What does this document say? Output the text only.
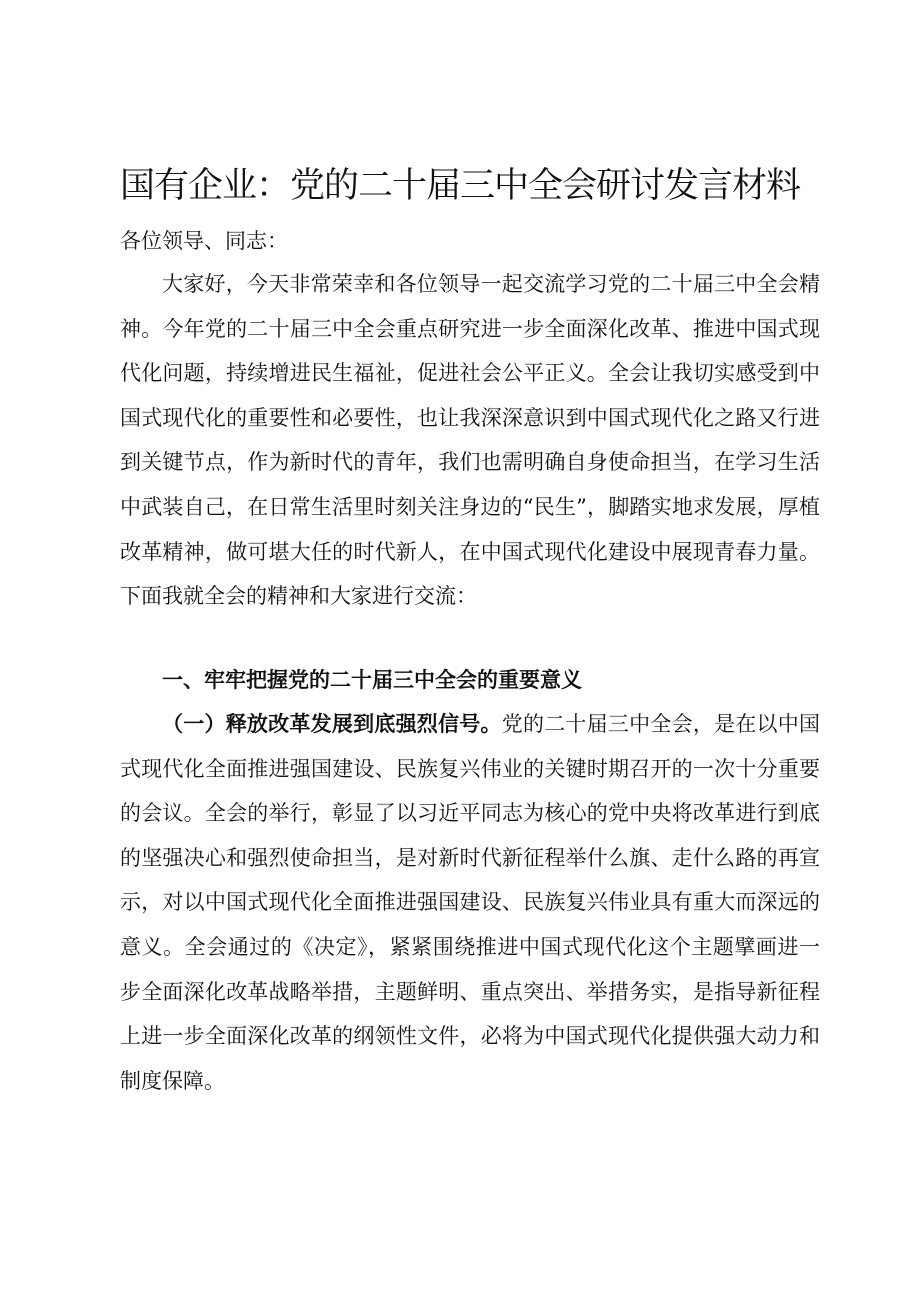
国有企业：党的二十届三中全会研讨发言材料

各位领导、同志：

大家好，今天非常荣幸和各位领导一起交流学习党的二十届三中全会精神。今年党的二十届三中全会重点研究进一步全面深化改革、推进中国式现代化问题，持续增进民生福祉，促进社会公平正义。全会让我切实感受到中国式现代化的重要性和必要性，也让我深深意识到中国式现代化之路又行进到关键节点，作为新时代的青年，我们也需明确自身使命担当，在学习生活中武装自己，在日常生活里时刻关注身边的“民生”，脚踏实地求发展，厚植改革精神，做可堪大任的时代新人，在中国式现代化建设中展现青春力量。下面我就全会的精神和大家进行交流：

一、牢牢把握党的二十届三中全会的重要意义

（一）释放改革发展到底强烈信号。党的二十届三中全会，是在以中国式现代化全面推进强国建设、民族复兴伟业的关键时期召开的一次十分重要的会议。全会的举行，彰显了以习近平同志为核心的党中央将改革进行到底的坚强决心和强烈使命担当，是对新时代新征程举什么旗、走什么路的再宣示，对以中国式现代化全面推进强国建设、民族复兴伟业具有重大而深远的意义。全会通过的《决定》，紧紧围绕推进中国式现代化这个主题擘画进一步全面深化改革战略举措，主题鲜明、重点突出、举措务实，是指导新征程上进一步全面深化改革的纲领性文件，必将为中国式现代化提供强大动力和制度保障。
